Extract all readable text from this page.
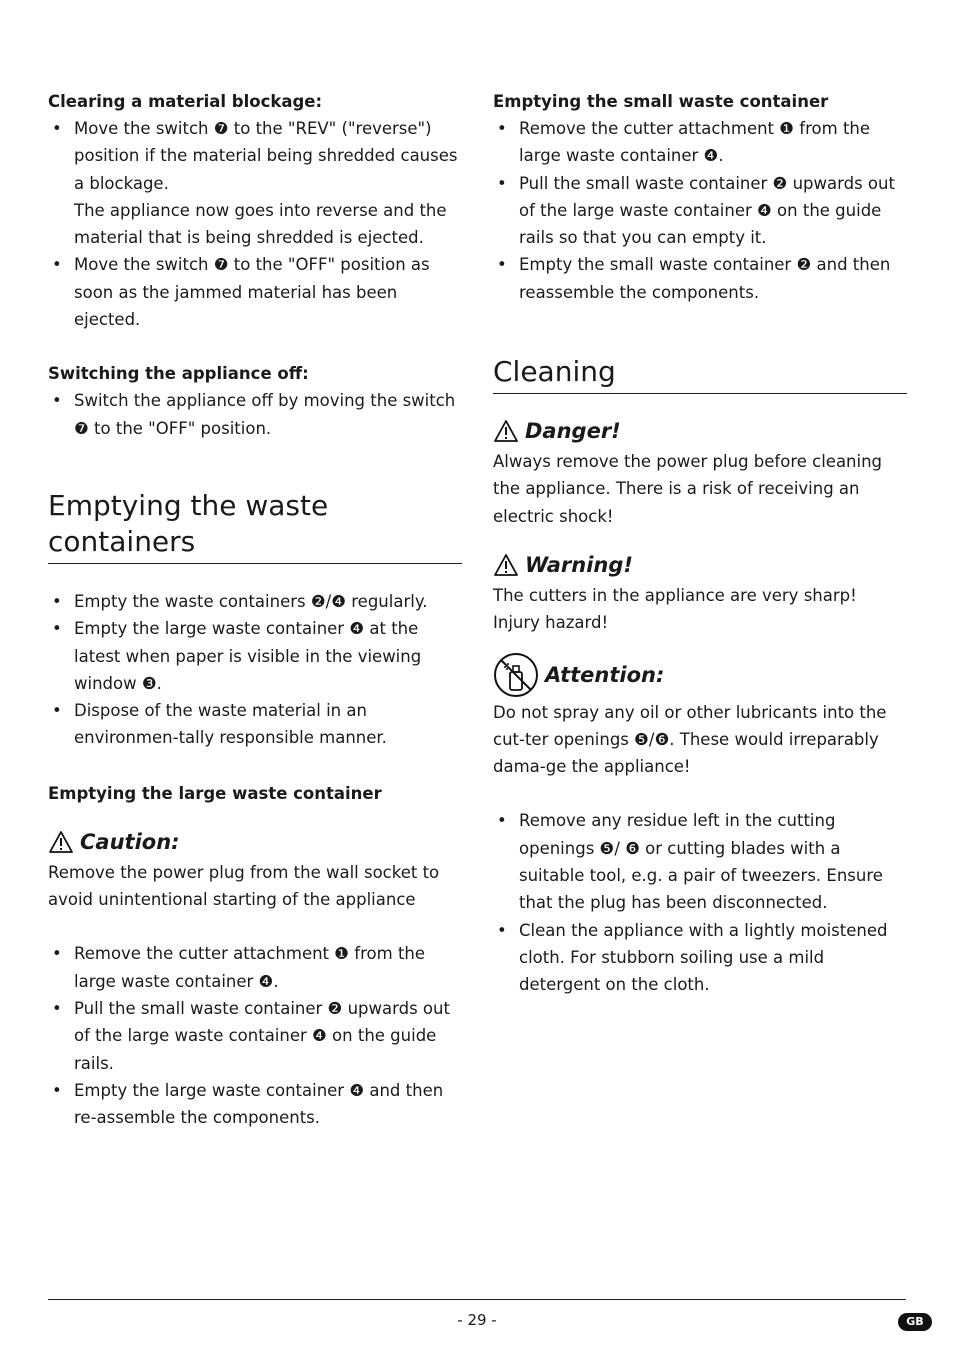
Clearing a material blockage:

• Move the switch ❼ to the "REV" ("reverse") position if the material being shredded causes a blockage.
The appliance now goes into reverse and the material that is being shredded is ejected.
• Move the switch ❼ to the "OFF" position as soon as the jammed material has been ejected.

Switching the appliance off:

• Switch the appliance off by moving the switch ❼ to the "OFF" position.
Emptying the waste containers
• Empty the waste containers ❷/❹ regularly.
• Empty the large waste container ❹ at the latest when paper is visible in the viewing window ❸.
• Dispose of the waste material in an environmen-tally responsible manner.

Emptying the large waste container

Caution:

Remove the power plug from the wall socket to avoid unintentional starting of the appliance

• Remove the cutter attachment ❶ from the large waste container ❹.
• Pull the small waste container ❷ upwards out of the large waste container ❹ on the guide rails.
• Empty the large waste container ❹ and then re-assemble the components.

Emptying the small waste container

• Remove the cutter attachment ❶ from the large waste container ❹.
• Pull the small waste container ❷ upwards out of the large waste container ❹ on the guide rails so that you can empty it.
• Empty the small waste container ❷ and then reassemble the components.
Cleaning
Danger!

Always remove the power plug before cleaning the appliance. There is a risk of receiving an electric shock!

Warning!

The cutters in the appliance are very sharp! Injury hazard!

Attention:

Do not spray any oil or other lubricants into the cut-ter openings ❺/❻. These would irreparably dama-ge the appliance!

• Remove any residue left in the cutting openings ❺/ ❻ or cutting blades with a suitable tool, e.g. a pair of tweezers. Ensure that the plug has been disconnected.
• Clean the appliance with a lightly moistened cloth. For stubborn soiling use a mild detergent on the cloth.
- 29 -	GB
